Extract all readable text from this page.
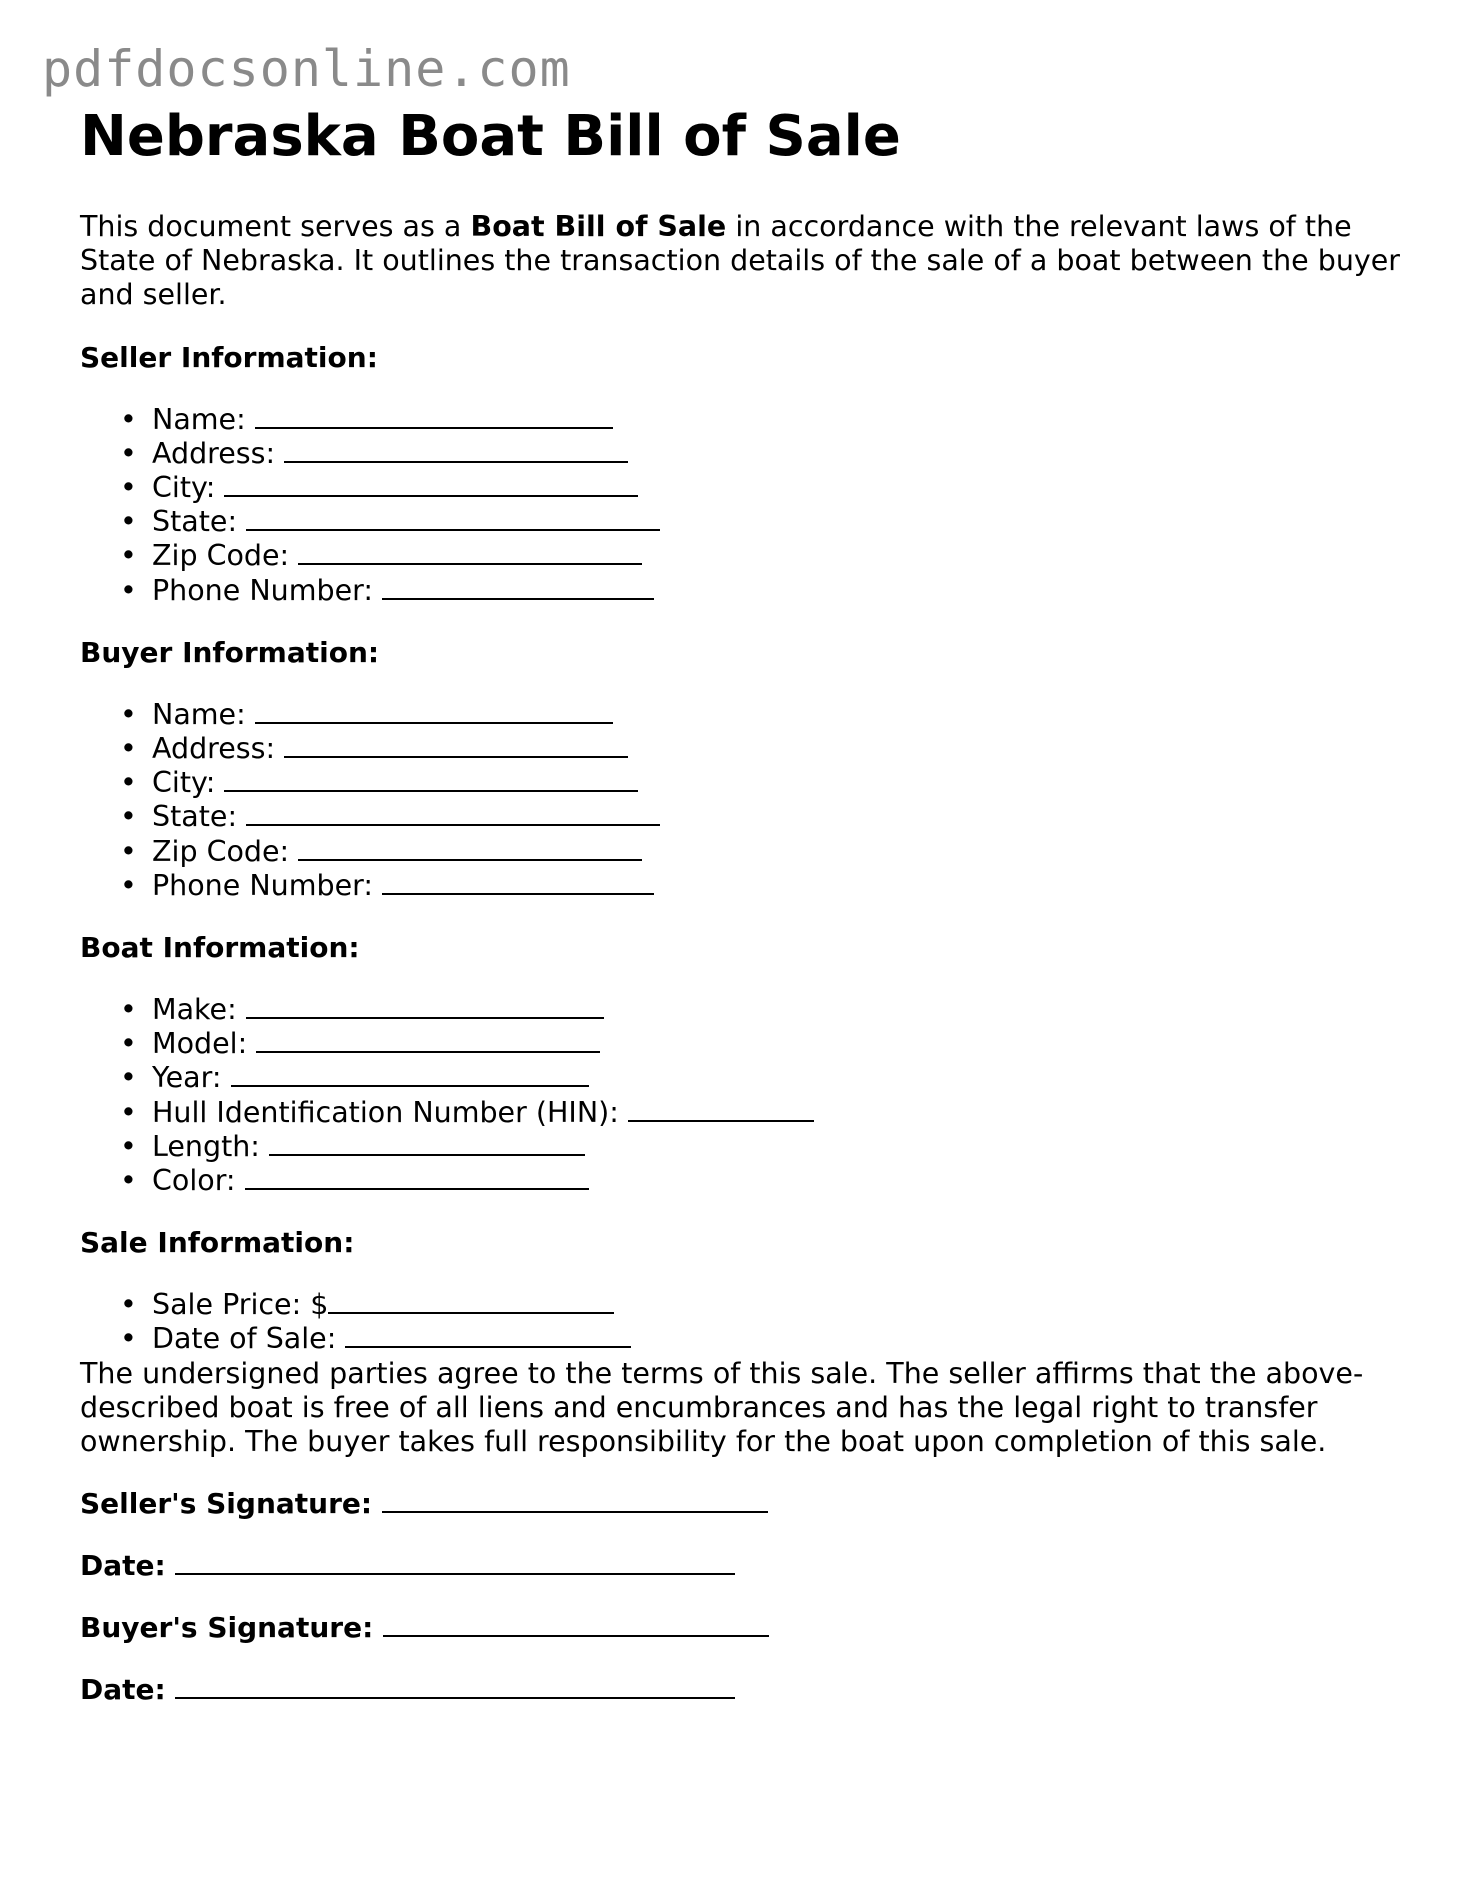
pdfdocsonline.com
Nebraska Boat Bill of Sale

This document serves as a Boat Bill of Sale in accordance with the relevant laws of the State of Nebraska. It outlines the transaction details of the sale of a boat between the buyer and seller.

Seller Information:
• Name:
• Address:
• City:
• State:
• Zip Code:
• Phone Number:
Buyer Information:
• Name:
• Address:
• City:
• State:
• Zip Code:
• Phone Number:
Boat Information:
• Make:
• Model:
• Year:
• Hull Identification Number (HIN):
• Length:
• Color:
Sale Information:
• Sale Price: $
• Date of Sale:

The undersigned parties agree to the terms of this sale. The seller affirms that the above-described boat is free of all liens and encumbrances and has the legal right to transfer ownership. The buyer takes full responsibility for the boat upon completion of this sale.

Seller's Signature:

Date:

Buyer's Signature:

Date:
